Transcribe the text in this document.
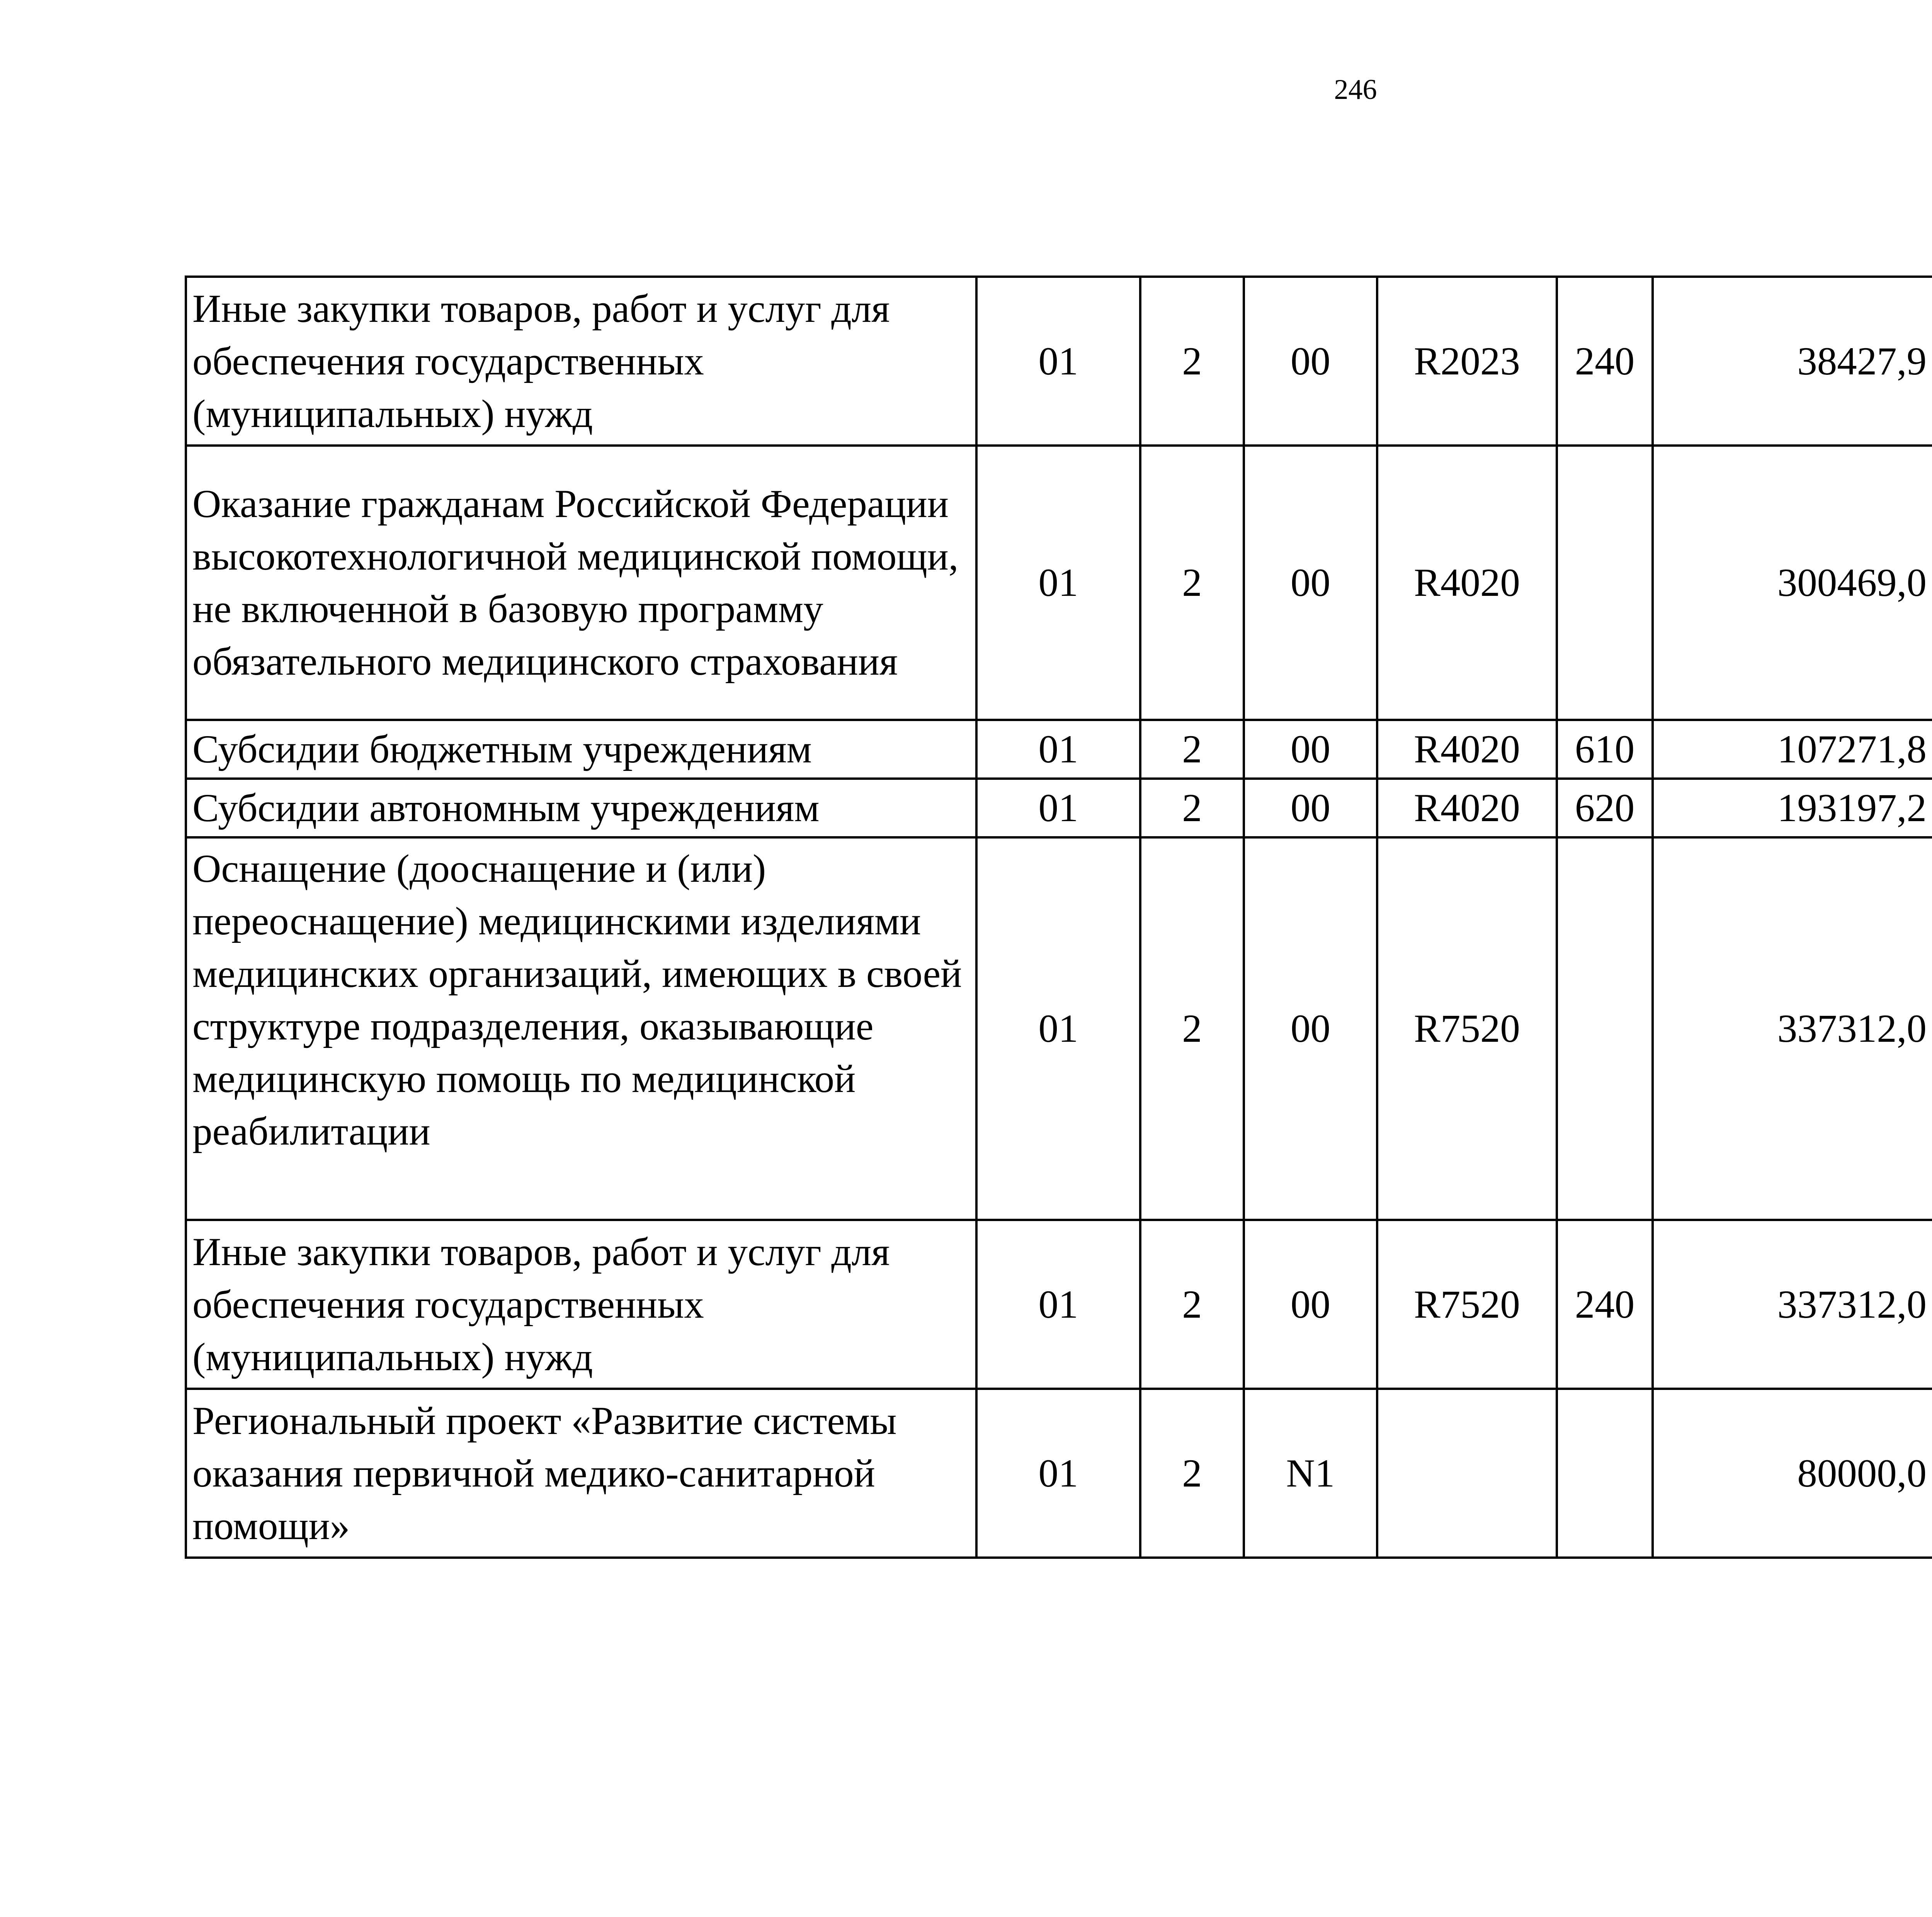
246
Иные закупки товаров, работ и услуг для обеспечения государственных (муниципальных) нужд	01	2	00	R2023	240	38427,9		
Оказание гражданам Российской Федерации высокотехнологичной медицинской помощи, не включенной в базовую программу обязательного медицинского страхования	01	2	00	R4020		300469,0		
Субсидии бюджетным учреждениям	01	2	00	R4020	610	107271,8		
Субсидии автономным учреждениям	01	2	00	R4020	620	193197,2		
Оснащение (дооснащение и (или) переоснащение) медицинскими изделиями медицинских организаций, имеющих в своей структуре подразделения, оказывающие медицинскую помощь по медицинской реабилитации	01	2	00	R7520		337312,0		
Иные закупки товаров, работ и услуг для обеспечения государственных (муниципальных) нужд	01	2	00	R7520	240	337312,0		
Региональный проект «Развитие системы оказания первичной медико-санитарной помощи»	01	2	N1			80000,0		
